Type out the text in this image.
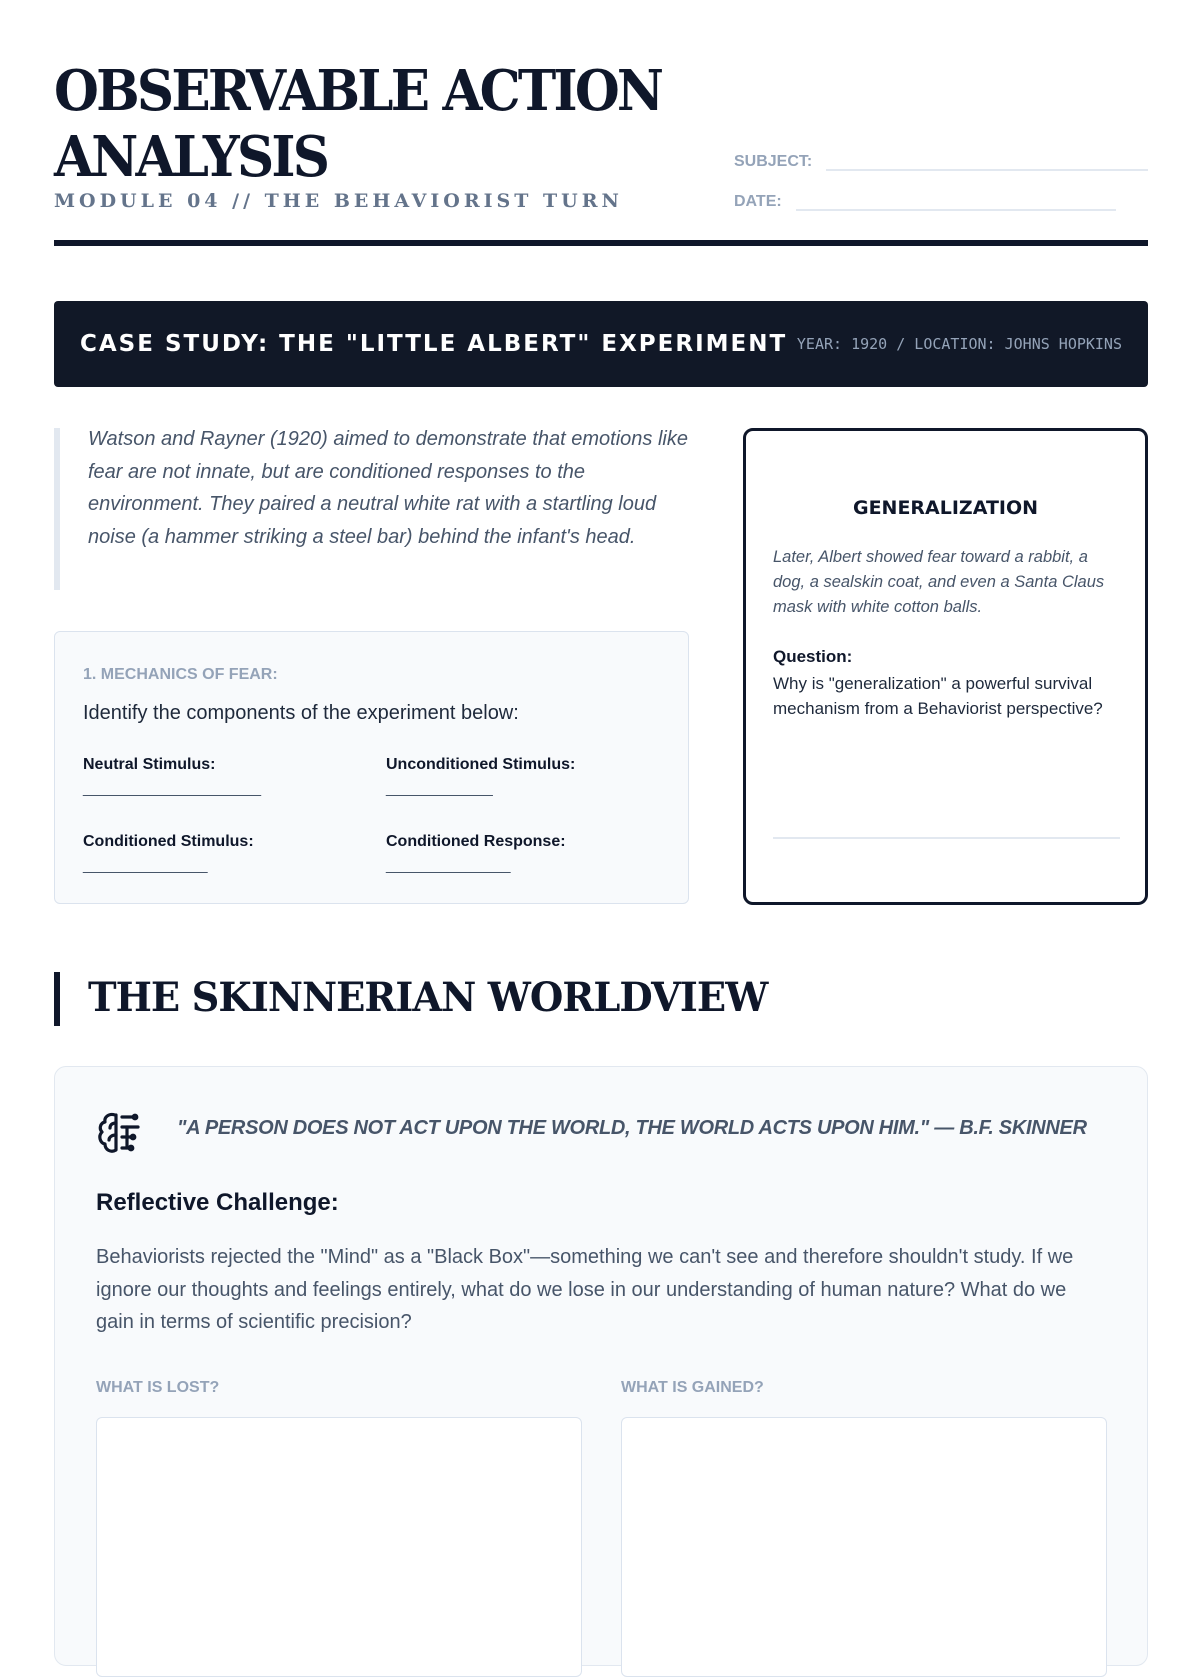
OBSERVABLE ACTION
ANALYSIS
MODULE 04 // THE BEHAVIORIST TURN
SUBJECT:
DATE:
CASE STUDY: THE "LITTLE ALBERT" EXPERIMENT YEAR: 1920 / LOCATION: JOHNS HOPKINS

Watson and Rayner (1920) aimed to demonstrate that emotions like fear are not innate, but are conditioned responses to the environment. They paired a neutral white rat with a startling loud noise (a hammer striking a steel bar) behind the infant's head.

1. MECHANICS OF FEAR:
Identify the components of the experiment below:
Neutral Stimulus:
____________________
Unconditioned Stimulus:
____________
Conditioned Stimulus:
______________
Conditioned Response:
______________
GENERALIZATION
Later, Albert showed fear toward a rabbit, a dog, a sealskin coat, and even a Santa Claus mask with white cotton balls.
Question:
Why is "generalization" a powerful survival mechanism from a Behaviorist perspective?
THE SKINNERIAN WORLDVIEW
"A PERSON DOES NOT ACT UPON THE WORLD, THE WORLD ACTS UPON HIM." — B.F. SKINNER
Reflective Challenge:
Behaviorists rejected the "Mind" as a "Black Box"—something we can't see and therefore shouldn't study. If we ignore our thoughts and feelings entirely, what do we lose in our understanding of human nature? What do we gain in terms of scientific precision?
WHAT IS LOST?	WHAT IS GAINED?
